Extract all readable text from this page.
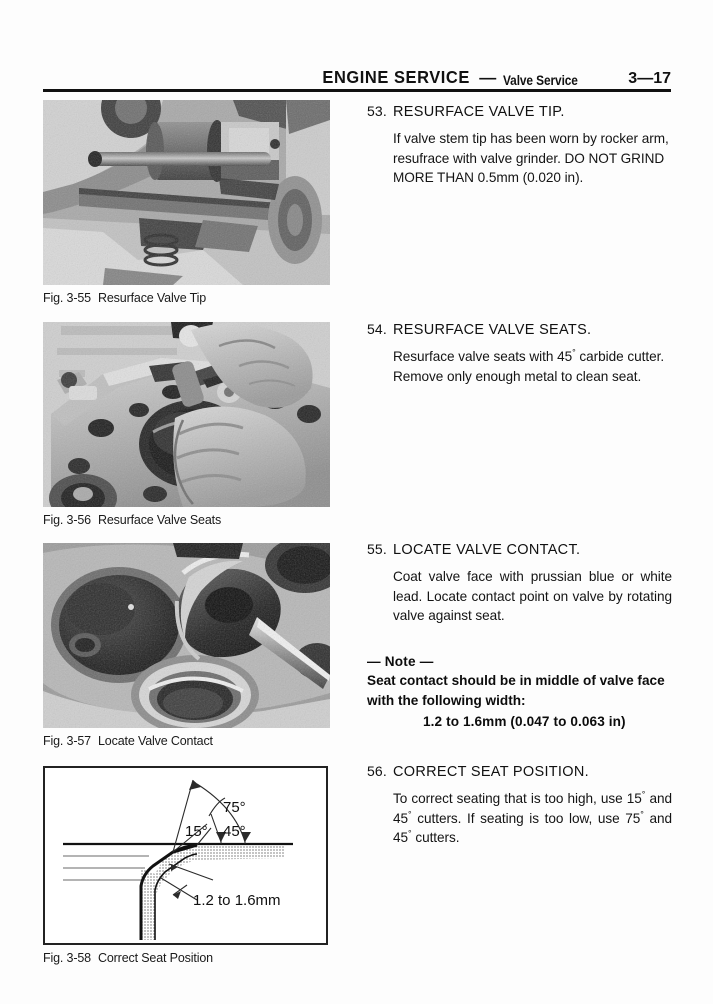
ENGINE SERVICE — Valve Service	3—17
Fig. 3-55 Resurface Valve Tip
Fig. 3-56 Resurface Valve Seats
Fig. 3-57 Locate Valve Contact
75°
15° 45°
1.2 to 1.6mm
Fig. 3-58 Correct Seat Position
53. RESURFACE VALVE TIP.
If valve stem tip has been worn by rocker arm, resufrace with valve grinder. DO NOT GRIND MORE THAN 0.5mm (0.020 in).
54. RESURFACE VALVE SEATS.
Resurface valve seats with 45° carbide cutter. Remove only enough metal to clean seat.
55. LOCATE VALVE CONTACT.
Coat valve face with prussian blue or white lead. Locate contact point on valve by rotating valve against seat.
— Note —
Seat contact should be in middle of valve face with the following width:
1.2 to 1.6mm (0.047 to 0.063 in)
56. CORRECT SEAT POSITION.
To correct seating that is too high, use 15° and 45° cutters. If seating is too low, use 75° and 45° cutters.
